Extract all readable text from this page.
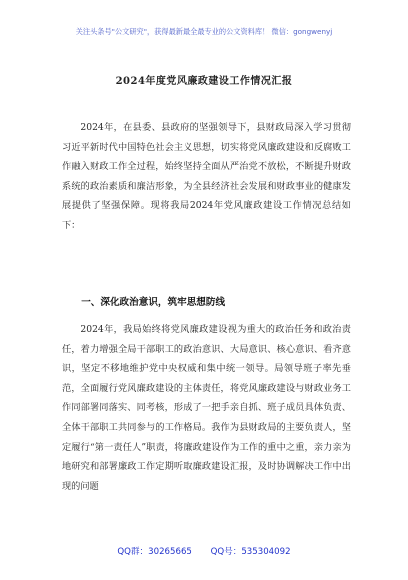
关注头条号"公文研究"，获得最新最全最专业的公文资料库！ 微信：gongwenyj
2024年度党风廉政建设工作情况汇报
2024年，在县委、县政府的坚强领导下，县财政局深入学习贯彻习近平新时代中国特色社会主义思想，切实将党风廉政建设和反腐败工作融入财政工作全过程，始终坚持全面从严治党不放松，不断提升财政系统的政治素质和廉洁形象，为全县经济社会发展和财政事业的健康发展提供了坚强保障。现将我局2024年党风廉政建设工作情况总结如下：
一、深化政治意识，筑牢思想防线
2024年，我局始终将党风廉政建设视为重大的政治任务和政治责任，着力增强全局干部职工的政治意识、大局意识、核心意识、看齐意识，坚定不移地维护党中央权威和集中统一领导。局领导班子率先垂范，全面履行党风廉政建设的主体责任，将党风廉政建设与财政业务工作同部署同落实、同考核，形成了一把手亲自抓、班子成员具体负责、全体干部职工共同参与的工作格局。我作为县财政局的主要负责人，坚定履行“第一责任人”职责，将廉政建设作为工作的重中之重，亲力亲为地研究和部署廉政工作定期听取廉政建设汇报，及时协调解决工作中出现的问题
QQ群：30265665 QQ号：535304092
